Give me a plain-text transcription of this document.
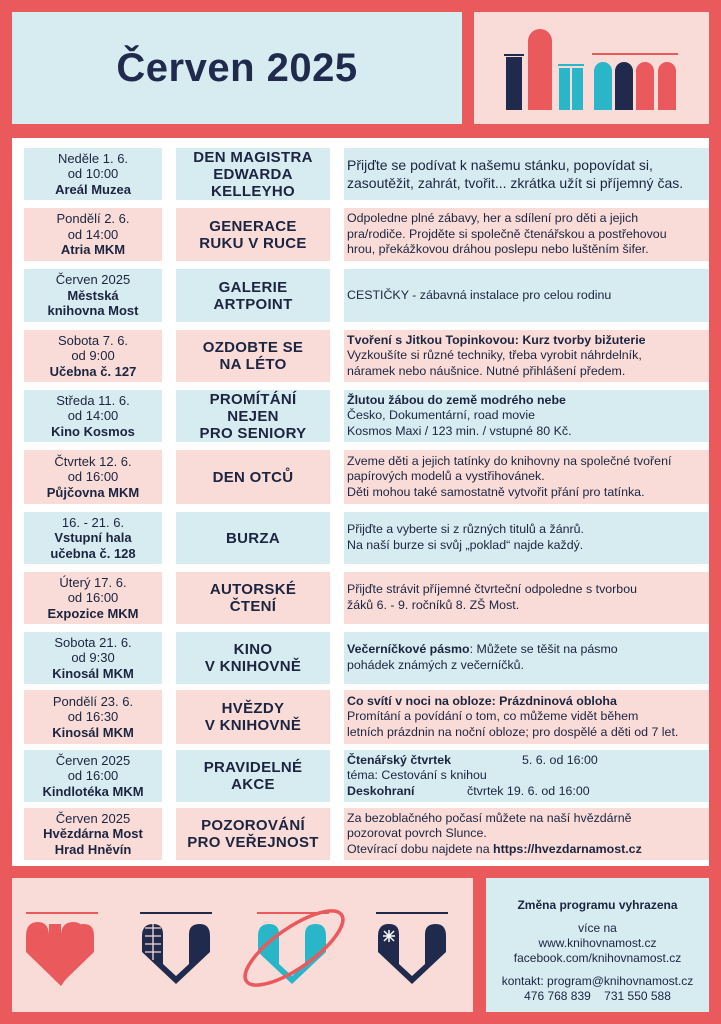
Červen 2025
Neděle 1. 6.
od 10:00
Areál Muzea
DEN MAGISTRA
EDWARDA
KELLEYHO
Přijďte se podívat k našemu stánku, popovídat si,
zasoutěžit, zahrát, tvořit... zkrátka užít si příjemný čas.
Pondělí 2. 6.
od 14:00
Atria MKM
GENERACE
RUKU V RUCE
Odpoledne plné zábavy, her a sdílení pro děti a jejich
pra/rodiče. Projděte si společně čtenářskou a postřehovou
hrou, překážkovou dráhou poslepu nebo luštěním šifer.
Červen 2025
Městská knihovna Most
GALERIE
ARTPOINT
CESTIČKY - zábavná instalace pro celou rodinu
Sobota 7. 6.
od 9:00
Učebna č. 127
OZDOBTE SE
NA LÉTO
Tvoření s Jitkou Topinkovou: Kurz tvorby bižuterie
Vyzkoušíte si různé techniky, třeba vyrobit náhrdelník,
náramek nebo náušnice. Nutné přihlášení předem.
Středa 11. 6.
od 14:00
Kino Kosmos
PROMÍTÁNÍ
NEJEN
PRO SENIORY
Žlutou žábou do země modrého nebe
Česko, Dokumentární, road movie
Kosmos Maxi / 123 min. / vstupné 80 Kč.
Čtvrtek 12. 6.
od 16:00
Půjčovna MKM
DEN OTCŮ
Zveme děti a jejich tatínky do knihovny na společné tvoření
papírových modelů a vystřihovánek.
Děti mohou také samostatně vytvořit přání pro tatínka.
16. - 21. 6.
Vstupní hala učebna č. 128
BURZA
Přijďte a vyberte si z různých titulů a žánrů.
Na naší burze si svůj „poklad“ najde každý.
Úterý 17. 6.
od 16:00
Expozice MKM
AUTORSKÉ
ČTENÍ
Přijďte strávit příjemné čtvrteční odpoledne s tvorbou
žáků 6. - 9. ročníků 8. ZŠ Most.
Sobota 21. 6.
od 9:30
Kinosál MKM
KINO
V KNIHOVNĚ
Večerníčkové pásmo: Můžete se těšit na pásmo
pohádek známých z večerníčků.
Pondělí 23. 6.
od 16:30
Kinosál MKM
HVĚZDY
V KNIHOVNĚ
Co svítí v noci na obloze: Prázdninová obloha
Promítání a povídání o tom, co můžeme vidět během
letních prázdnin na noční obloze; pro dospělé a děti od 7 let.
Červen 2025
od 16:00
Kindlotéka MKM
PRAVIDELNÉ
AKCE
Čtenářský čtvrtek	5. 6. od 16:00
téma: Cestování s knihou
Deskohraní	čtvrtek 19. 6. od 16:00
Červen 2025
Hvězdárna Most Hrad Hněvín
POZOROVÁNÍ
PRO VEŘEJNOST
Za bezoblačného počasí můžete na naší hvězdárně
pozorovat povrch Slunce.
Otevírací dobu najdete na https://hvezdarnamost.cz
Změna programu vyhrazena
více na
www.knihovnamost.cz
facebook.com/knihovnamost.cz
kontakt: program@knihovnamost.cz
476 768 839    731 550 588
